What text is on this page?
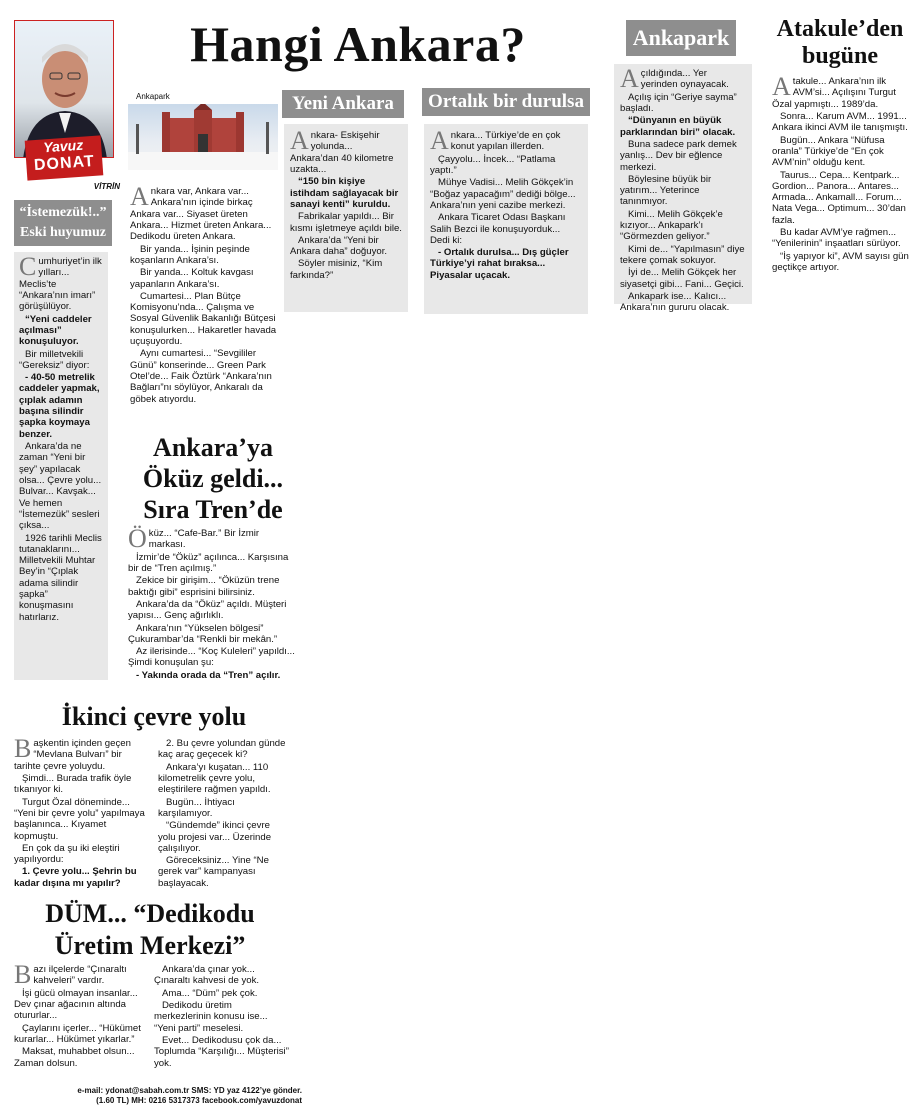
Yavuz
DONAT
VİTRİN
Hangi Ankara?
Ankapark

Ankara var, Ankara var... Ankara’nın içinde birkaç Ankara var... Siyaset üreten Ankara... Hizmet üreten Ankara... Dedikodu üreten Ankara.

Bir yanda... İşinin peşinde koşanların Ankara’sı.

Bir yanda... Koltuk kavgası yapanların Ankara’sı.

Cumartesi... Plan Bütçe Komisyonu’nda... Çalışma ve Sosyal Güvenlik Bakanlığı Bütçesi konuşulurken... Hakaretler havada uçuşuyordu.

Aynı cumartesi... “Sevgililer Günü” konserinde... Green Park Otel’de... Faik Öztürk “Ankara’nın Bağları”nı söylüyor, Ankaralı da göbek atıyordu.

Yeni Ankara

Ankara- Eskişehir yolunda... Ankara’dan 40 kilometre uzakta...

“150 bin kişiye istihdam sağlayacak bir sanayi kenti” kuruldu.

Fabrikalar yapıldı... Bir kısmı işletmeye açıldı bile.

Ankara’da “Yeni bir Ankara daha” doğuyor.

Söyler misiniz, “Kim farkında?”

Ortalık bir durulsa

Ankara... Türkiye’de en çok konut yapılan illerden.

Çayyolu... İncek... “Patlama yaptı.”

Mühye Vadisi... Melih Gökçek’in “Boğaz yapacağım” dediği bölge... Ankara’nın yeni cazibe merkezi.

Ankara Ticaret Odası Başkanı Salih Bezci ile konuşuyorduk... Dedi ki:

- Ortalık durulsa... Dış güçler Türkiye’yi rahat bıraksa... Piyasalar uçacak.

Ankapark

Açıldığında... Yer yerinden oynayacak.

Açılış için “Geriye sayma” başladı.

“Dünyanın en büyük parklarından biri” olacak.

Buna sadece park demek yanlış... Dev bir eğlence merkezi.

Böylesine büyük bir yatırım... Yeterince tanınmıyor.

Kimi... Melih Gökçek’e kızıyor... Ankapark’ı “Görmezden geliyor.”

Kimi de... “Yapılmasın” diye tekere çomak sokuyor.

İyi de... Melih Gökçek her siyasetçi gibi... Fani... Geçici.

Ankapark ise... Kalıcı... Ankara’nın gururu olacak.

Atakule’den bugüne

Atakule... Ankara’nın ilk AVM’si... Açılışını Turgut Özal yapmıştı... 1989’da.

Sonra... Karum AVM... 1991... Ankara ikinci AVM ile tanışmıştı.

Bugün... Ankara “Nüfusa oranla” Türkiye’de “En çok AVM’nin” olduğu kent.

Taurus... Cepa... Kentpark... Gordion... Panora... Antares... Armada... Ankamall... Forum... Nata Vega... Optimum... 30’dan fazla.

Bu kadar AVM’ye rağmen... “Yenilerinin” inşaatları sürüyor.

“İş yapıyor ki”, AVM sayısı gün geçtikçe artıyor.

“İstemezük!..” Eski huyumuz

Cumhuriyet’in ilk yılları... Meclis’te “Ankara’nın imarı” görüşülüyor.

“Yeni caddeler açılması” konuşuluyor.

Bir milletvekili “Gereksiz” diyor:

- 40-50 metrelik caddeler yapmak, çıplak adamın başına silindir şapka koymaya benzer.

Ankara’da ne zaman “Yeni bir şey” yapılacak olsa... Çevre yolu... Bulvar... Kavşak... Ve hemen “İstemezük” sesleri çıksa...

1926 tarihli Meclis tutanaklarını... Milletvekili Muhtar Bey’in “Çıplak adama silindir şapka” konuşmasını hatırlarız.

Ankara’ya Öküz geldi... Sıra Tren’de

Öküz... “Cafe-Bar.” Bir İzmir markası.

İzmir’de “Öküz” açılınca... Karşısına bir de “Tren açılmış.”

Zekice bir girişim... “Öküzün trene baktığı gibi” esprisini bilirsiniz.

Ankara’da da “Öküz” açıldı. Müşteri yapısı... Genç ağırlıklı.

Ankara’nın “Yükselen bölgesi” Çukurambar’da “Renkli bir mekân.”

Az ilerisinde... “Koç Kuleleri” yapıldı... Şimdi konuşulan şu:

- Yakında orada da “Tren” açılır.

İkinci çevre yolu

Başkentin içinden geçen “Mevlana Bulvarı” bir tarihte çevre yoluydu.

Şimdi... Burada trafik öyle tıkanıyor ki.

Turgut Özal döneminde... “Yeni bir çevre yolu” yapılmaya başlanınca... Kıyamet kopmuştu.

En çok da şu iki eleştiri yapılıyordu:

1. Çevre yolu... Şehrin bu kadar dışına mı yapılır?

2. Bu çevre yolundan günde kaç araç geçecek ki?

Ankara’yı kuşatan... 110 kilometrelik çevre yolu, eleştirilere rağmen yapıldı.

Bugün... İhtiyacı karşılamıyor.

“Gündemde” ikinci çevre yolu projesi var... Üzerinde çalışılıyor.

Göreceksiniz... Yine “Ne gerek var” kampanyası başlayacak.

DÜM... “Dedikodu Üretim Merkezi”

Bazı ilçelerde “Çınaraltı kahveleri” vardır.

İşi gücü olmayan insanlar... Dev çınar ağacının altında otururlar...

Çaylarını içerler... “Hükümet kurarlar... Hükümet yıkarlar.”

Maksat, muhabbet olsun... Zaman dolsun.

Ankara’da çınar yok... Çınaraltı kahvesi de yok.

Ama... “Düm” pek çok.

Dedikodu üretim merkezlerinin konusu ise... “Yeni parti” meselesi.

Evet... Dedikodusu çok da... Toplumda “Karşılığı... Müşterisi” yok.

e-mail: ydonat@sabah.com.tr SMS: YD yaz 4122’ye gönder.
(1.60 TL) MH: 0216 5317373 facebook.com/yavuzdonat
